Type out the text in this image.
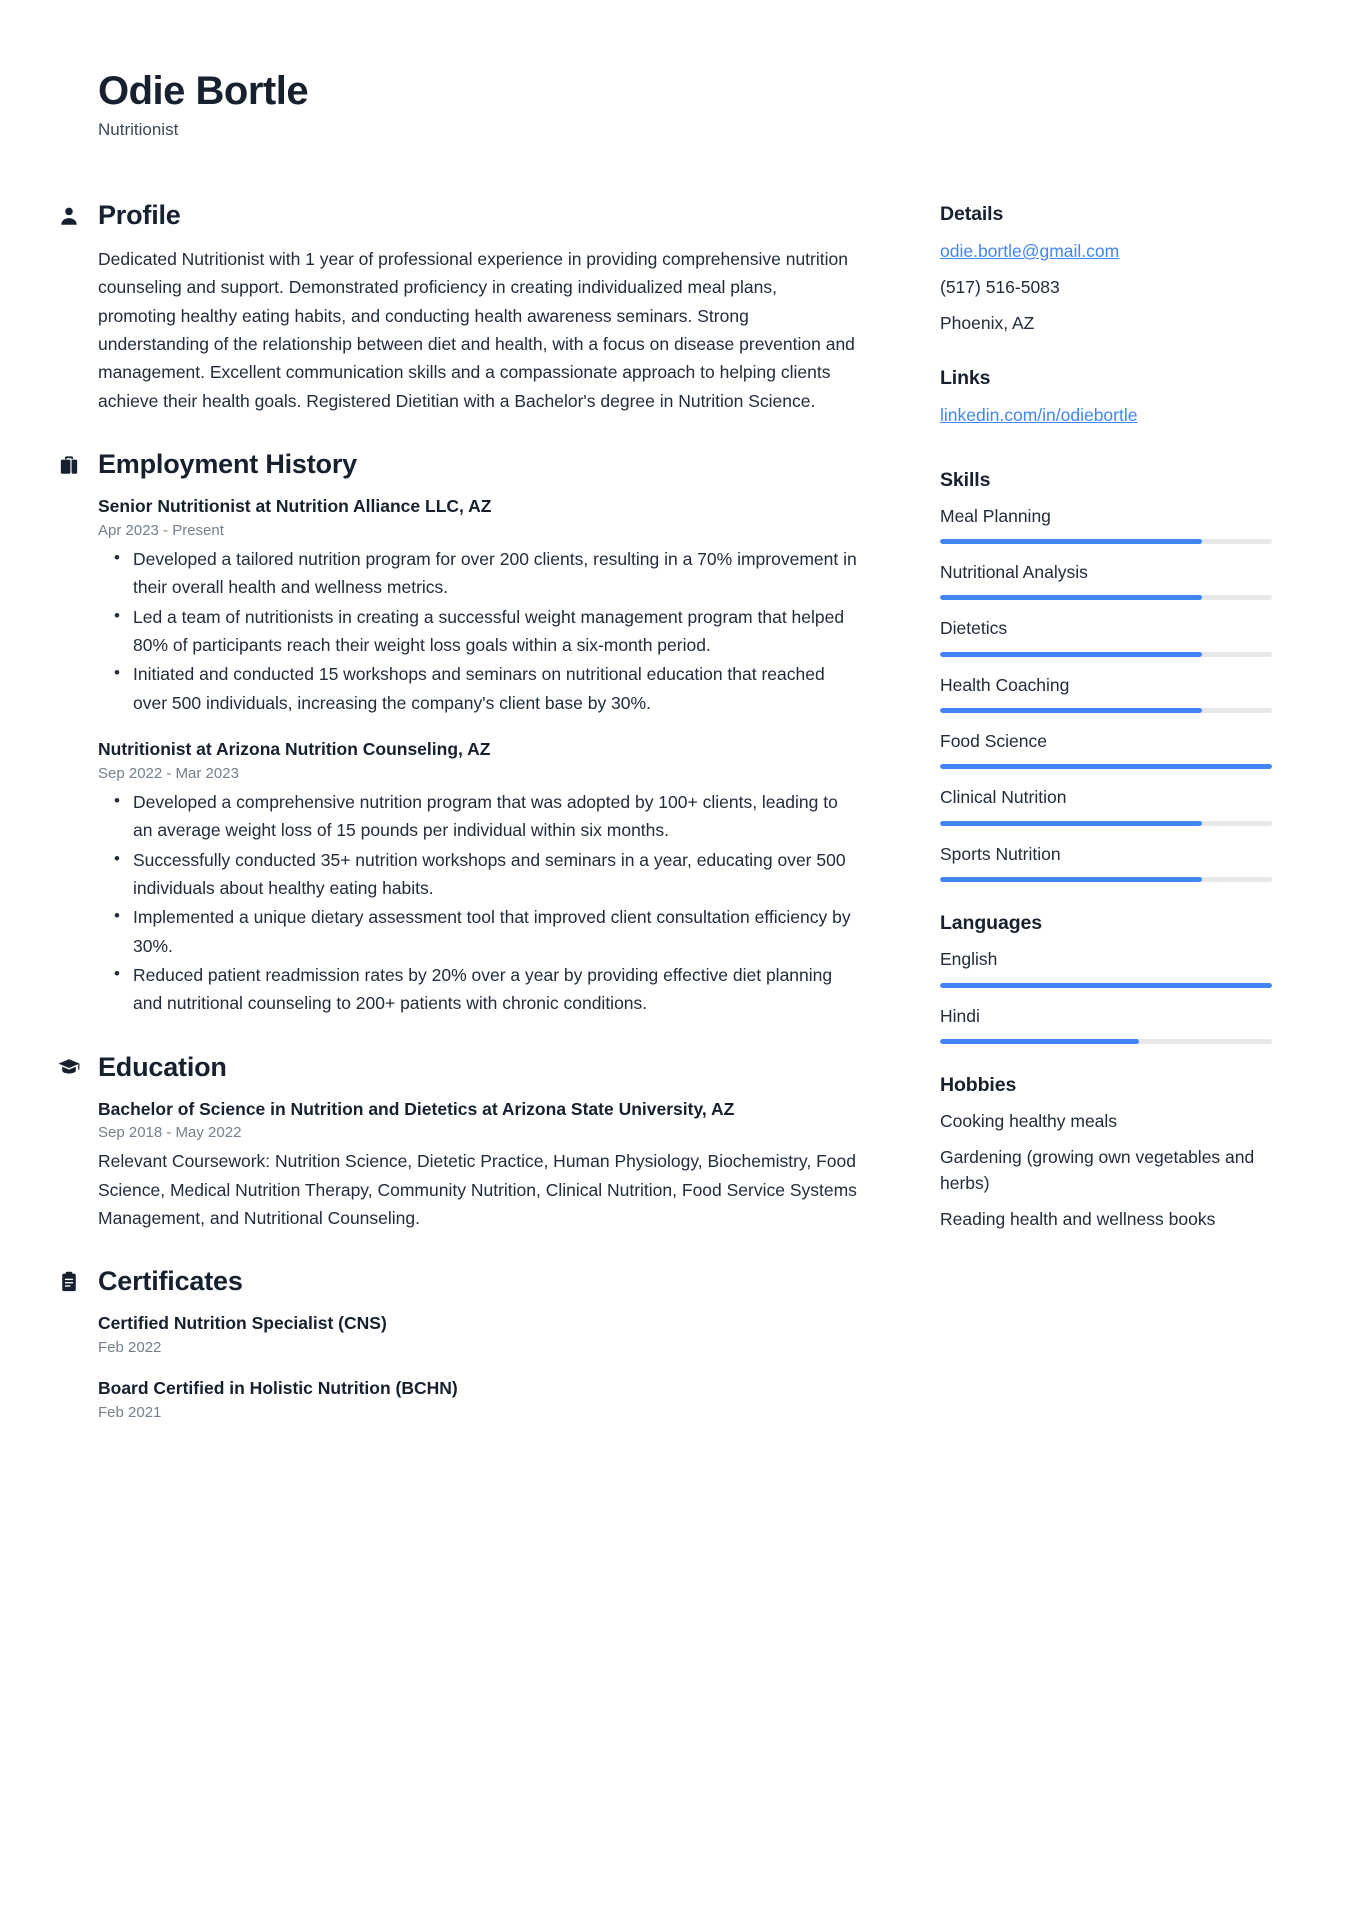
Odie Bortle
Nutritionist
Profile
Dedicated Nutritionist with 1 year of professional experience in providing comprehensive nutrition counseling and support. Demonstrated proficiency in creating individualized meal plans, promoting healthy eating habits, and conducting health awareness seminars. Strong understanding of the relationship between diet and health, with a focus on disease prevention and management. Excellent communication skills and a compassionate approach to helping clients achieve their health goals. Registered Dietitian with a Bachelor's degree in Nutrition Science.
Employment History
Senior Nutritionist at Nutrition Alliance LLC, AZ
Apr 2023 - Present
• Developed a tailored nutrition program for over 200 clients, resulting in a 70% improvement in their overall health and wellness metrics.
• Led a team of nutritionists in creating a successful weight management program that helped 80% of participants reach their weight loss goals within a six-month period.
• Initiated and conducted 15 workshops and seminars on nutritional education that reached over 500 individuals, increasing the company's client base by 30%.
Nutritionist at Arizona Nutrition Counseling, AZ
Sep 2022 - Mar 2023
• Developed a comprehensive nutrition program that was adopted by 100+ clients, leading to an average weight loss of 15 pounds per individual within six months.
• Successfully conducted 35+ nutrition workshops and seminars in a year, educating over 500 individuals about healthy eating habits.
• Implemented a unique dietary assessment tool that improved client consultation efficiency by 30%.
• Reduced patient readmission rates by 20% over a year by providing effective diet planning and nutritional counseling to 200+ patients with chronic conditions.
Education
Bachelor of Science in Nutrition and Dietetics at Arizona State University, AZ
Sep 2018 - May 2022
Relevant Coursework: Nutrition Science, Dietetic Practice, Human Physiology, Biochemistry, Food Science, Medical Nutrition Therapy, Community Nutrition, Clinical Nutrition, Food Service Systems Management, and Nutritional Counseling.
Certificates
Certified Nutrition Specialist (CNS)
Feb 2022
Board Certified in Holistic Nutrition (BCHN)
Feb 2021
Details
odie.bortle@gmail.com
(517) 516-5083
Phoenix, AZ
Links
linkedin.com/in/odiebortle
Skills
Meal Planning
Nutritional Analysis
Dietetics
Health Coaching
Food Science
Clinical Nutrition
Sports Nutrition
Languages
English
Hindi
Hobbies
Cooking healthy meals
Gardening (growing own vegetables and herbs)
Reading health and wellness books
